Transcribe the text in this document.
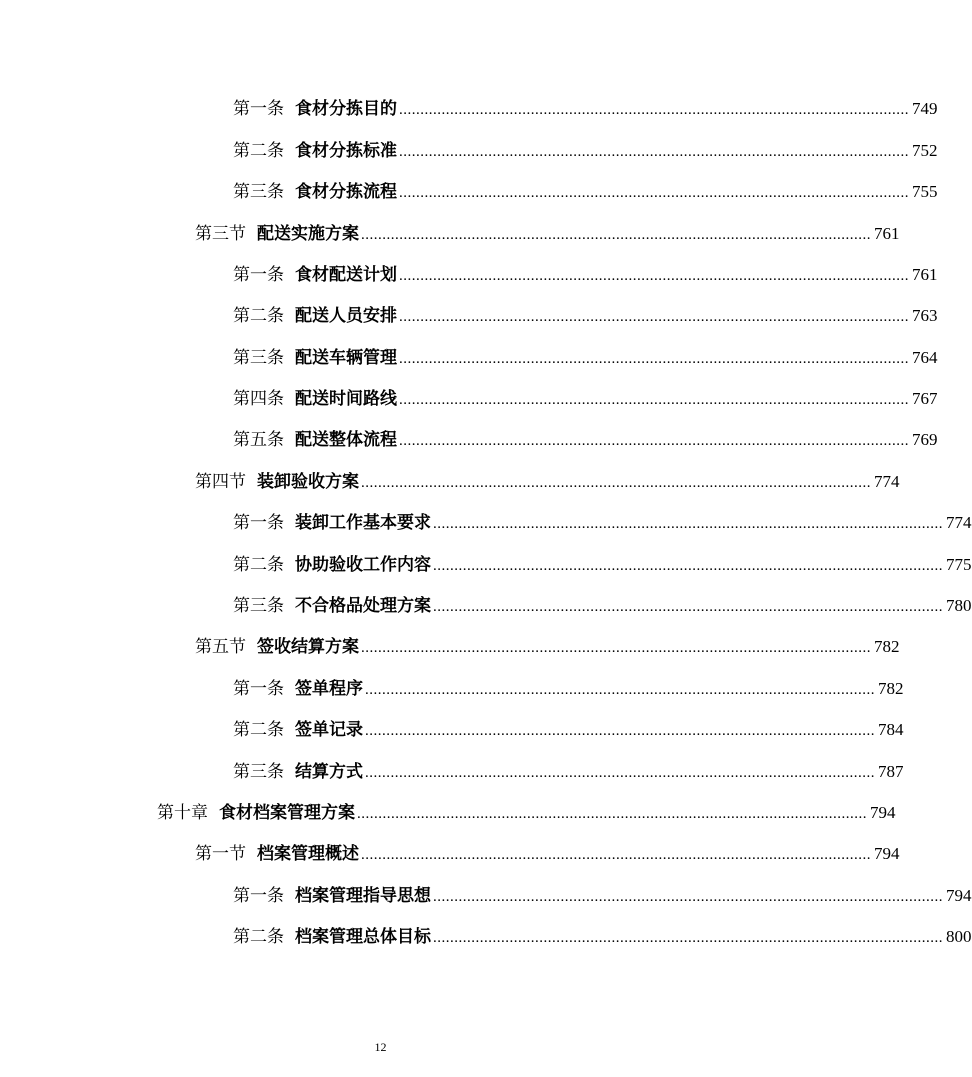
第一条 食材分拣目的 ........................................................................................................................ 749
第二条 食材分拣标准 ........................................................................................................................ 752
第三条 食材分拣流程 ........................................................................................................................ 755
第三节 配送实施方案 ........................................................................................................................ 761
第一条 食材配送计划 ........................................................................................................................ 761
第二条 配送人员安排 ........................................................................................................................ 763
第三条 配送车辆管理 ........................................................................................................................ 764
第四条 配送时间路线 ........................................................................................................................ 767
第五条 配送整体流程 ........................................................................................................................ 769
第四节 装卸验收方案 ........................................................................................................................ 774
第一条 装卸工作基本要求 ........................................................................................................................ 774
第二条 协助验收工作内容 ........................................................................................................................ 775
第三条 不合格品处理方案 ........................................................................................................................ 780
第五节 签收结算方案 ........................................................................................................................ 782
第一条 签单程序 ........................................................................................................................ 782
第二条 签单记录 ........................................................................................................................ 784
第三条 结算方式 ........................................................................................................................ 787
第十章 食材档案管理方案 ........................................................................................................................ 794
第一节 档案管理概述 ........................................................................................................................ 794
第一条 档案管理指导思想 ........................................................................................................................ 794
第二条 档案管理总体目标 ........................................................................................................................ 800
12
